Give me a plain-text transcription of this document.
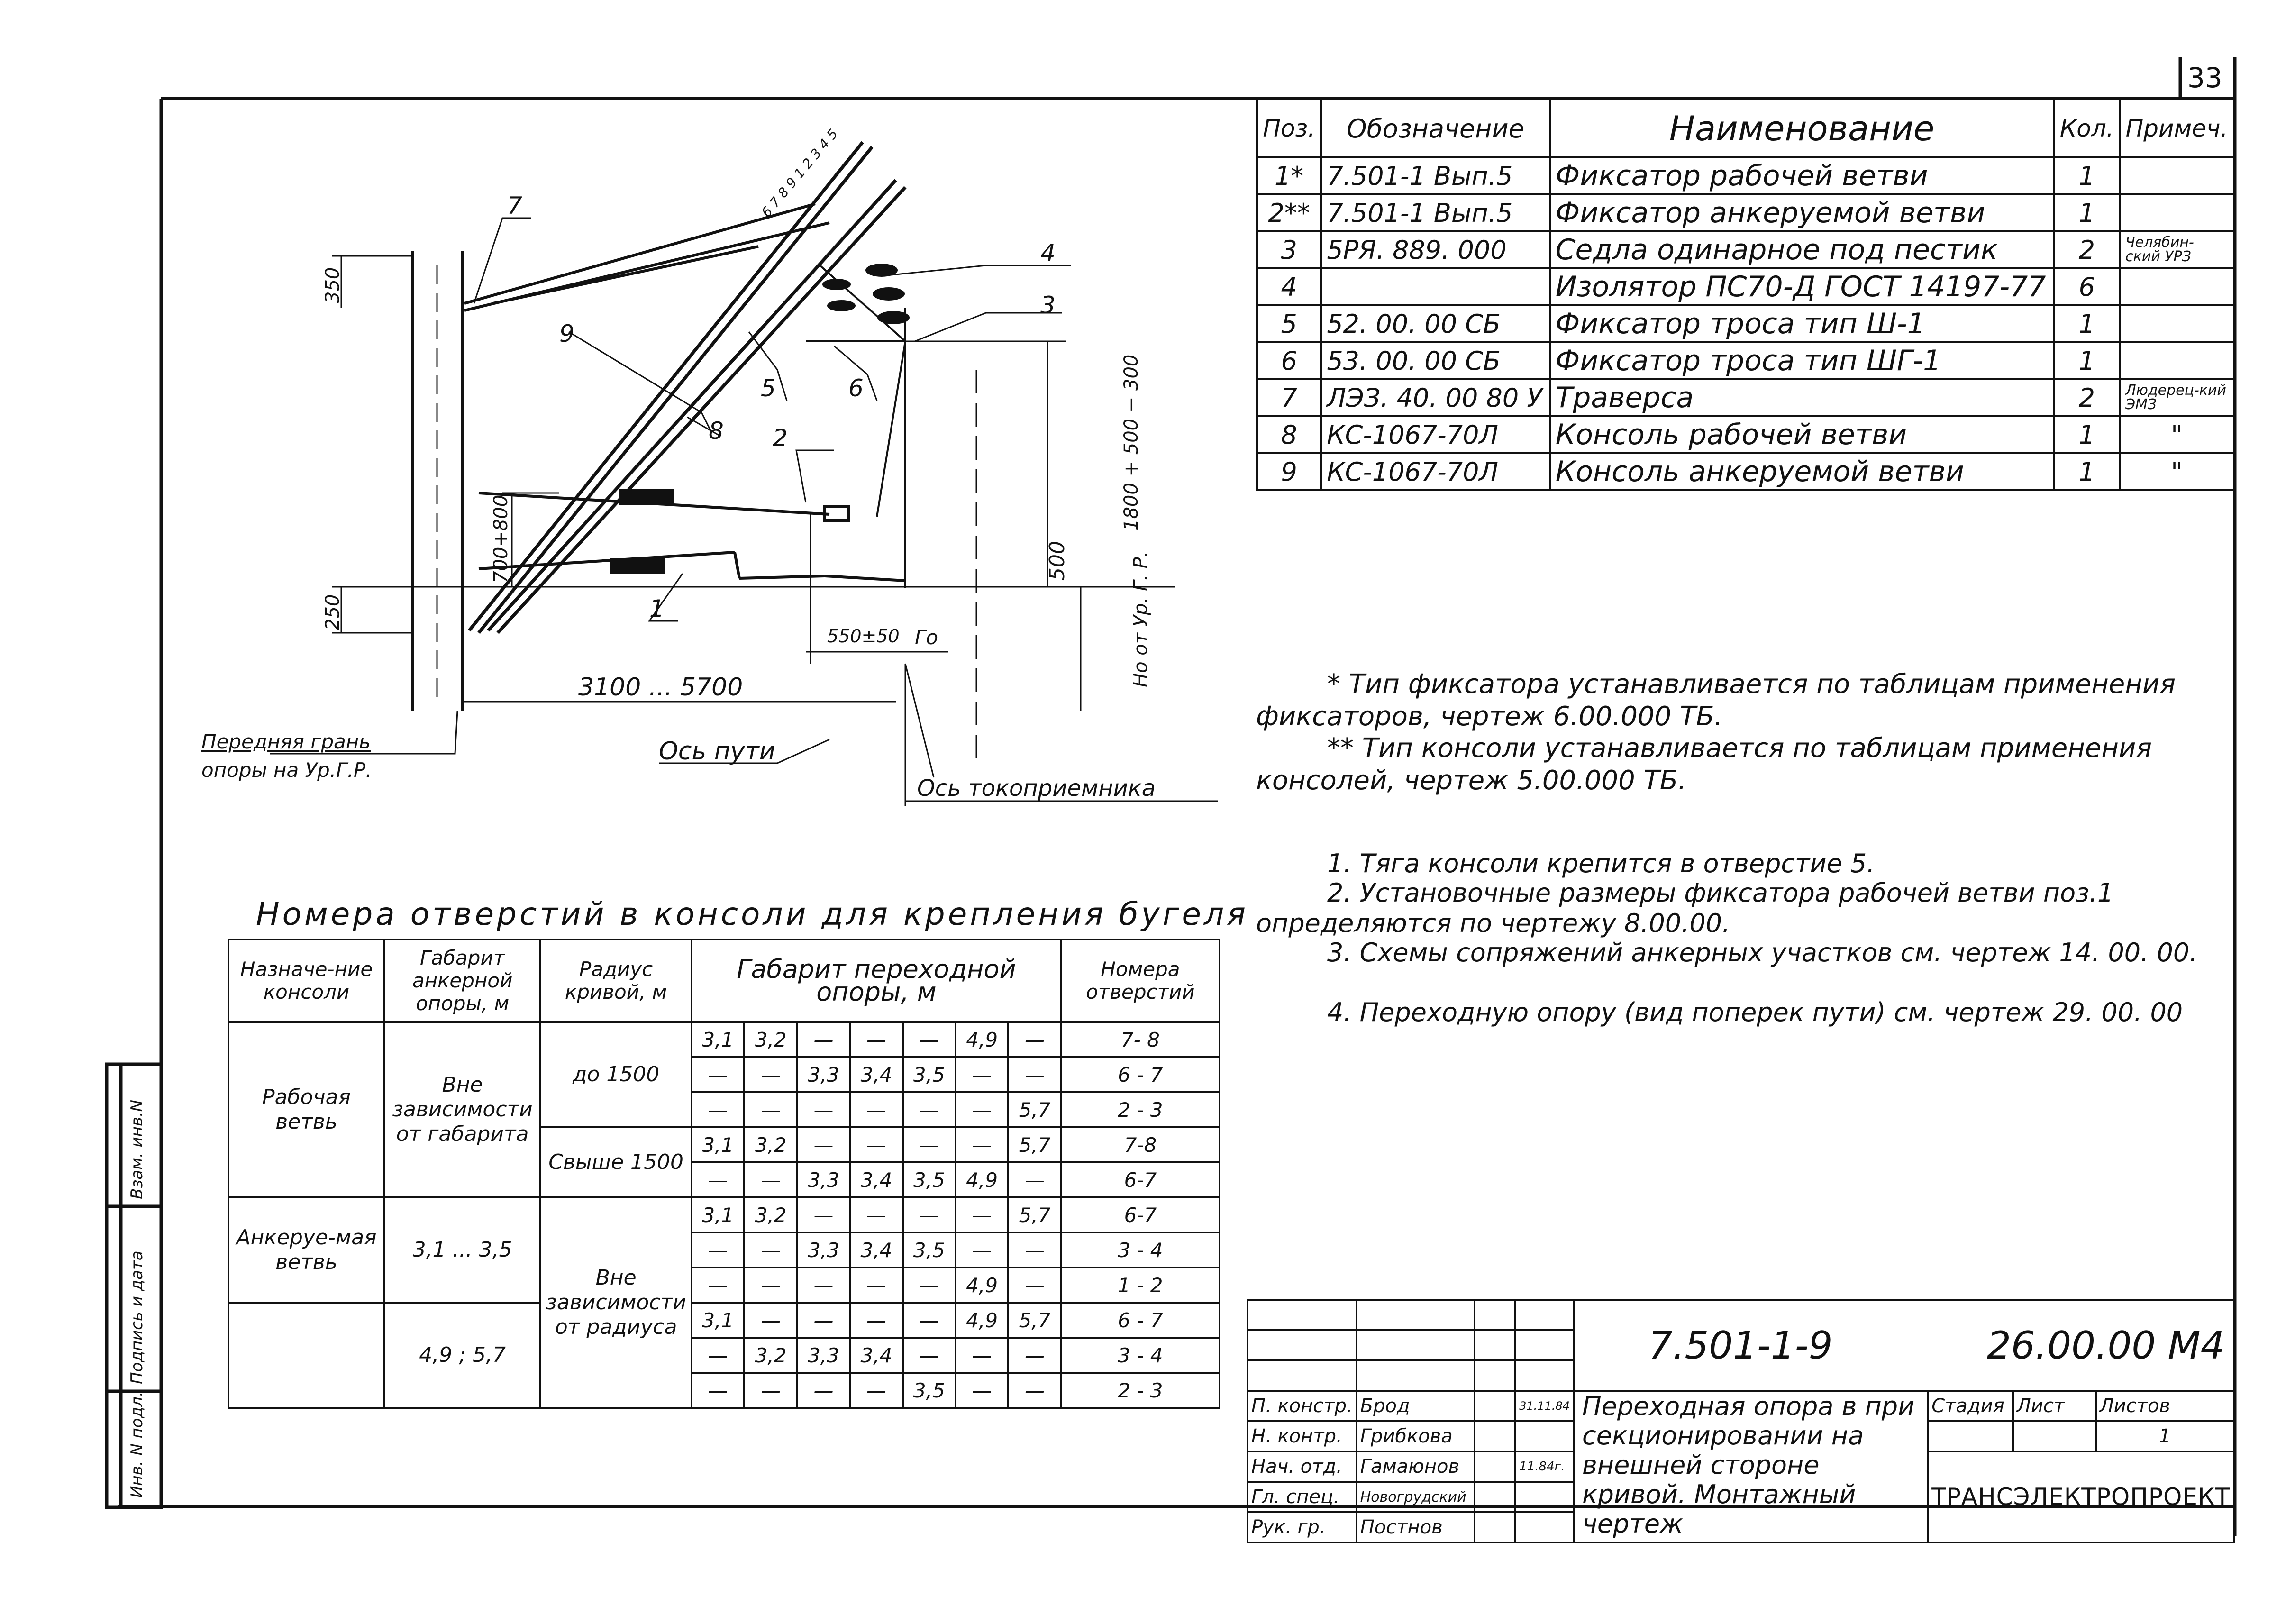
Инв. N подл.
Подпись и дата
Взам. инв.N
350
250
700+800
1800 + 500 − 300
500	Но от Ур. Г. Р.
6 7 8 9 1 2 3 4 5
33
7
4
3
9
5	6
8 2
1
550±50 Го
3100 ... 5700
Передняя грань
опоры на Ур.Г.Р.
Ось пути
Ось токоприемника
Поз.	Обозначение	Наименование	Кол.	Примеч.
1*	7.501-1 Вып.5	Фиксатор рабочей ветви	1	
2**	7.501-1 Вып.5	Фиксатор анкеруемой ветви	1	
3	5РЯ. 889. 000	Седла одинарное под пестик	2	Челябин-ский УРЗ
4		Изолятор ПС70-Д ГОСТ 14197-77	6	
5	52. 00. 00 СБ	Фиксатор троса тип Ш-1	1	
6	53. 00. 00 СБ	Фиксатор троса тип ШГ-1	1	
7	ЛЭЗ. 40. 00 80 У	Траверса	2	Людерец-кий ЭМЗ
8	КС-1067-70Л	Консоль рабочей ветви	1	"
9	КС-1067-70Л	Консоль анкеруемой ветви	1	"
* Тип фиксатора устанавливается по таблицам применения фиксаторов, чертеж 6.00.000 ТБ.
** Тип консоли устанавливается по таблицам применения консолей, чертеж 5.00.000 ТБ.
1. Тяга консоли крепится в отверстие 5.
2. Установочные размеры фиксатора рабочей ветви поз.1 определяются по чертежу 8.00.00.
3. Схемы сопряжений анкерных участков см. чертеж 14. 00. 00.
4. Переходную опору (вид поперек пути) см. чертеж 29. 00. 00
Номера отверстий в консоли для крепления бугеля
Назначе-ние консоли	Габарит анкерной опоры, м	Радиус кривой, м	Габарит переходной опоры, м							Номера отверстий
Рабочая ветвь	Вне зависимости от габарита	до 1500	3,1	3,2	—	—	—	4,9	—	7- 8
			—	—	3,3	3,4	3,5	—	—	6 - 7
			—	—	—	—	—	—	5,7	2 - 3
		Свыше 1500	3,1	3,2	—	—	—	—	5,7	7-8
			—	—	3,3	3,4	3,5	4,9	—	6-7
Анкеруе-мая ветвь	3,1 ... 3,5	Вне зависимости от радиуса	3,1	3,2	—	—	—	—	5,7	6-7
			—	—	3,3	3,4	3,5	—	—	3 - 4
			—	—	—	—	—	4,9	—	1 - 2
	4,9 ; 5,7		3,1	—	—	—	—	4,9	5,7	6 - 7
			—	3,2	3,3	3,4	—	—	—	3 - 4
			—	—	—	—	3,5	—	—	2 - 3
				7.501-1-9 26.00.00 М4			

П. констр.	Брод		31.11.84	Переходная опора в при секционировании на внешней стороне кривой. Монтажный чертеж	Стадия	Лист	Листов
Н. контр.	Грибкова						1
Нач. отд.	Гамаюнов		11.84г.		ТРАНСЭЛЕКТРОПРОЕКТ		
Гл. спец.	Новогрудский						
Рук. гр.	Постнов						
